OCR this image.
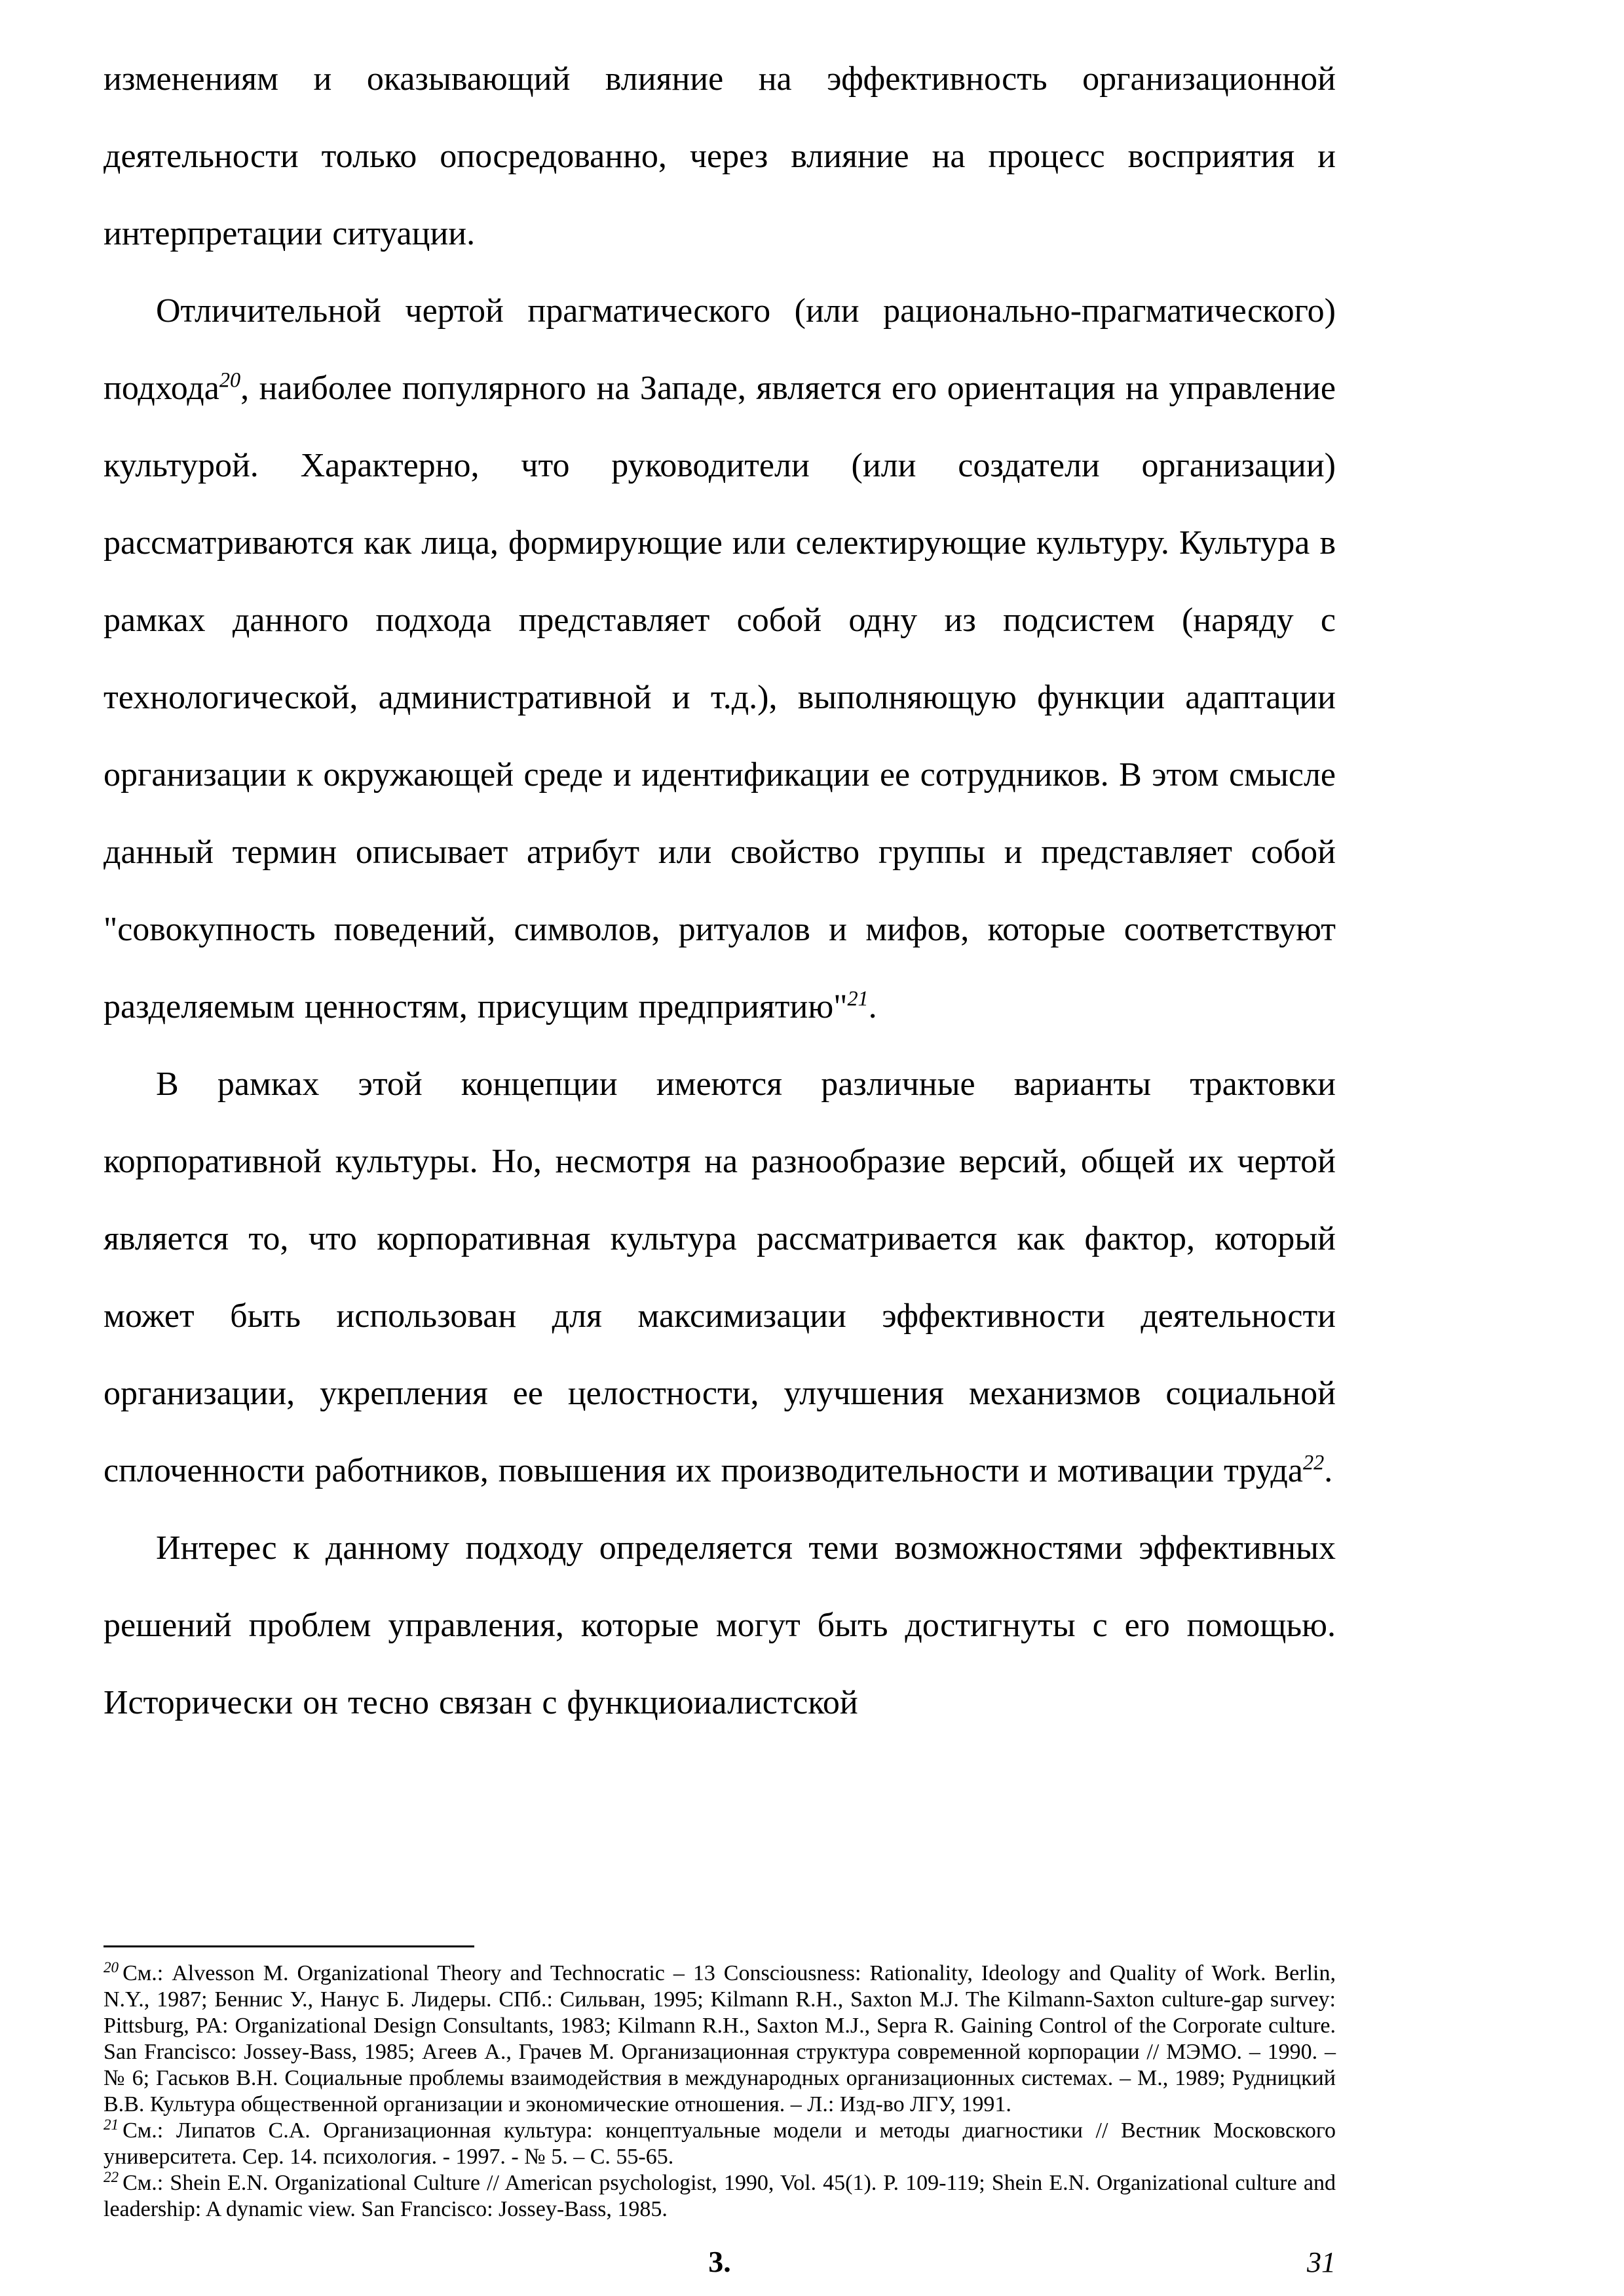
изменениям и оказывающий влияние на эффективность организационной деятельности только опосредованно, через влияние на процесс восприятия и интерпретации ситуации.

Отличительной чертой прагматического (или рационально-прагматического) подхода$^{20}$, наиболее популярного на Западе, является его ориентация на управление культурой. Характерно, что руководители (или создатели организации) рассматриваются как лица, формирующие или селектирующие культуру. Культура в рамках данного подхода представляет собой одну из подсистем (наряду с технологической, административной и т.д.), выполняющую функции адаптации организации к окружающей среде и идентификации ее сотрудников. В этом смысле данный термин описывает атрибут или свойство группы и представляет собой "совокупность поведений, символов, ритуалов и мифов, которые соответствуют разделяемым ценностям, присущим предприятию"$^{21}$.

В рамках этой концепции имеются различные варианты трактовки корпоративной культуры. Но, несмотря на разнообразие версий, общей их чертой является то, что корпоративная культура рассматривается как фактор, который может быть использован для максимизации эффективности деятельности организации, укрепления ее целостности, улучшения механизмов социальной сплоченности работников, повышения их производительности и мотивации труда$^{22}$.

Интерес к данному подходу определяется теми возможностями эффективных решений проблем управления, которые могут быть достигнуты с его помощью. Исторически он тесно связан с функциоиалистской

$^{20}$ См.: Alvesson M. Organizational Theory and Technocratic – 13 Consciousness: Rationality, Ideology and Quality of Work. Berlin, N.Y., 1987; Беннис У., Нанус Б. Лидеры. СПб.: Сильван, 1995; Kilmann R.H., Saxton M.J. The Kilmann-Saxton culture-gap survey: Pittsburg, PA: Organizational Design Consultants, 1983; Kilmann R.H., Saxton M.J., Sepra R. Gaining Control of the Corporate culture. San Francisco: Jossey-Bass, 1985; Агеев А., Грачев М. Организационная структура современной корпорации // МЭМО. – 1990. – № 6; Гаськов В.Н. Социальные проблемы взаимодействия в международных организационных системах. – М., 1989; Рудницкий В.В. Культура общественной организации и экономические отношения. – Л.: Изд-во ЛГУ, 1991.

$^{21}$ См.: Липатов С.А. Организационная культура: концептуальные модели и методы диагностики // Вестник Московского университета. Сер. 14. психология. - 1997. - № 5. – С. 55-65.

$^{22}$ См.: Shein E.N. Organizational Culture // American psychologist, 1990, Vol. 45(1). P. 109-119; Shein E.N. Organizational culture and leadership: A dynamic view. San Francisco: Jossey-Bass, 1985.

3.	31
